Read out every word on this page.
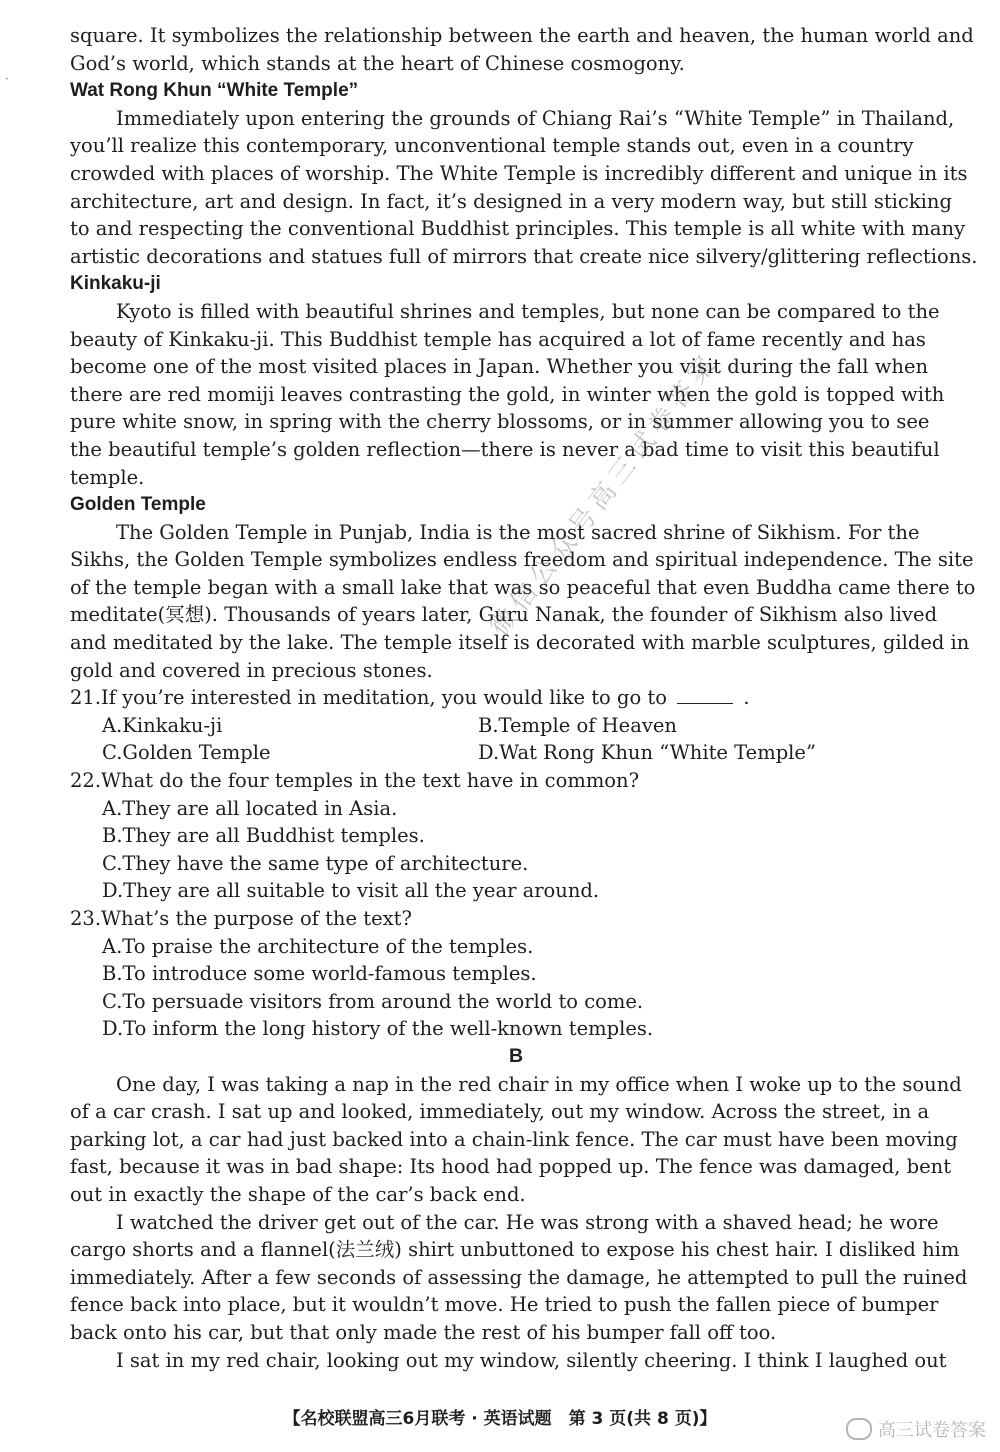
·
square. It symbolizes the relationship between the earth and heaven, the human world and
God’s world, which stands at the heart of Chinese cosmogony.
Wat Rong Khun “White Temple”
Immediately upon entering the grounds of Chiang Rai’s “White Temple” in Thailand,
you’ll realize this contemporary, unconventional temple stands out, even in a country
crowded with places of worship. The White Temple is incredibly different and unique in its
architecture, art and design. In fact, it’s designed in a very modern way, but still sticking
to and respecting the conventional Buddhist principles. This temple is all white with many
artistic decorations and statues full of mirrors that create nice silvery/glittering reflections.
Kinkaku-ji
Kyoto is filled with beautiful shrines and temples, but none can be compared to the
beauty of Kinkaku-ji. This Buddhist temple has acquired a lot of fame recently and has
become one of the most visited places in Japan. Whether you visit during the fall when
there are red momiji leaves contrasting the gold, in winter when the gold is topped with
pure white snow, in spring with the cherry blossoms, or in summer allowing you to see
the beautiful temple’s golden reflection—there is never a bad time to visit this beautiful
temple.
Golden Temple
The Golden Temple in Punjab, India is the most sacred shrine of Sikhism. For the
Sikhs, the Golden Temple symbolizes endless freedom and spiritual independence. The site
of the temple began with a small lake that was so peaceful that even Buddha came there to
meditate(冥想). Thousands of years later, Guru Nanak, the founder of Sikhism also lived
and meditated by the lake. The temple itself is decorated with marble sculptures, gilded in
gold and covered in precious stones.
21.If you’re interested in meditation, you would like to go to	.
A.Kinkaku-ji	B.Temple of Heaven
C.Golden Temple	D.Wat Rong Khun “White Temple”
22.What do the four temples in the text have in common?
A.They are all located in Asia.
B.They are all Buddhist temples.
C.They have the same type of architecture.
D.They are all suitable to visit all the year around.
23.What’s the purpose of the text?
A.To praise the architecture of the temples.
B.To introduce some world-famous temples.
C.To persuade visitors from around the world to come.
D.To inform the long history of the well-known temples.
B
One day, I was taking a nap in the red chair in my office when I woke up to the sound
of a car crash. I sat up and looked, immediately, out my window. Across the street, in a
parking lot, a car had just backed into a chain-link fence. The car must have been moving
fast, because it was in bad shape: Its hood had popped up. The fence was damaged, bent
out in exactly the shape of the car’s back end.
I watched the driver get out of the car. He was strong with a shaved head; he wore
cargo shorts and a flannel(法兰绒) shirt unbuttoned to expose his chest hair. I disliked him
immediately. After a few seconds of assessing the damage, he attempted to pull the ruined
fence back into place, but it wouldn’t move. He tried to push the fallen piece of bumper
back onto his car, but that only made the rest of his bumper fall off too.
I sat in my red chair, looking out my window, silently cheering. I think I laughed out
微信公众号高三试卷答案
【名校联盟高三6月联考 · 英语试题　第 3 页(共 8 页)】
高三试卷答案
